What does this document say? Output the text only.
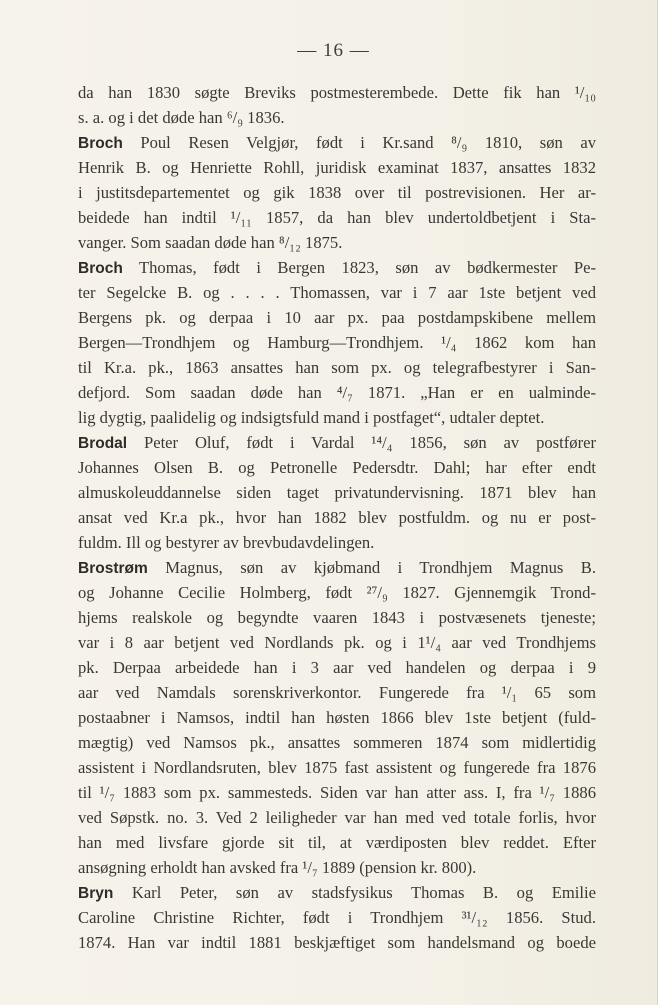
— 16 —
da han 1830 søgte Breviks postmesterembede. Dette fik han ¹/₁₀
s. a. og i det døde han ⁶/₉ 1836.
Broch Poul Resen Velgjør, født i Kr.sand ⁸/₉ 1810, søn av
Henrik B. og Henriette Rohll, juridisk examinat 1837, ansattes 1832
i justitsdepartementet og gik 1838 over til postrevisionen. Her ar-
beidede han indtil ¹/₁₁ 1857, da han blev undertoldbetjent i Sta-
vanger. Som saadan døde han ⁸/₁₂ 1875.
Broch Thomas, født i Bergen 1823, søn av bødkermester Pe-
ter Segelcke B. og . . . . Thomassen, var i 7 aar 1ste betjent ved
Bergens pk. og derpaa i 10 aar px. paa postdampskibene mellem
Bergen—Trondhjem og Hamburg—Trondhjem. ¹/₄ 1862 kom han
til Kr.a. pk., 1863 ansattes han som px. og telegrafbestyrer i San-
defjord. Som saadan døde han ⁴/₇ 1871. „Han er en ualminde-
lig dygtig, paalidelig og indsigtsfuld mand i postfaget“, udtaler deptet.
Brodal Peter Oluf, født i Vardal ¹⁴/₄ 1856, søn av postfører
Johannes Olsen B. og Petronelle Pedersdtr. Dahl; har efter endt
almuskoleuddannelse siden taget privatundervisning. 1871 blev han
ansat ved Kr.a pk., hvor han 1882 blev postfuldm. og nu er post-
fuldm. Ill og bestyrer av brevbudavdelingen.
Brostrøm Magnus, søn av kjøbmand i Trondhjem Magnus B.
og Johanne Cecilie Holmberg, født ²⁷/₉ 1827. Gjennemgik Trond-
hjems realskole og begyndte vaaren 1843 i postvæsenets tjeneste;
var i 8 aar betjent ved Nordlands pk. og i 1¹/₄ aar ved Trondhjems
pk. Derpaa arbeidede han i 3 aar ved handelen og derpaa i 9
aar ved Namdals sorenskriverkontor. Fungerede fra ¹/₁ 65 som
postaabner i Namsos, indtil han høsten 1866 blev 1ste betjent (fuld-
mægtig) ved Namsos pk., ansattes sommeren 1874 som midlertidig
assistent i Nordlandsruten, blev 1875 fast assistent og fungerede fra 1876
til ¹/₇ 1883 som px. sammesteds. Siden var han atter ass. I, fra ¹/₇ 1886
ved Søpstk. no. 3. Ved 2 leiligheder var han med ved totale forlis, hvor
han med livsfare gjorde sit til, at værdiposten blev reddet. Efter
ansøgning erholdt han avsked fra ¹/₇ 1889 (pension kr. 800).
Bryn Karl Peter, søn av stadsfysikus Thomas B. og Emilie
Caroline Christine Richter, født i Trondhjem ³¹/₁₂ 1856. Stud.
1874. Han var indtil 1881 beskjæftiget som handelsmand og boede
